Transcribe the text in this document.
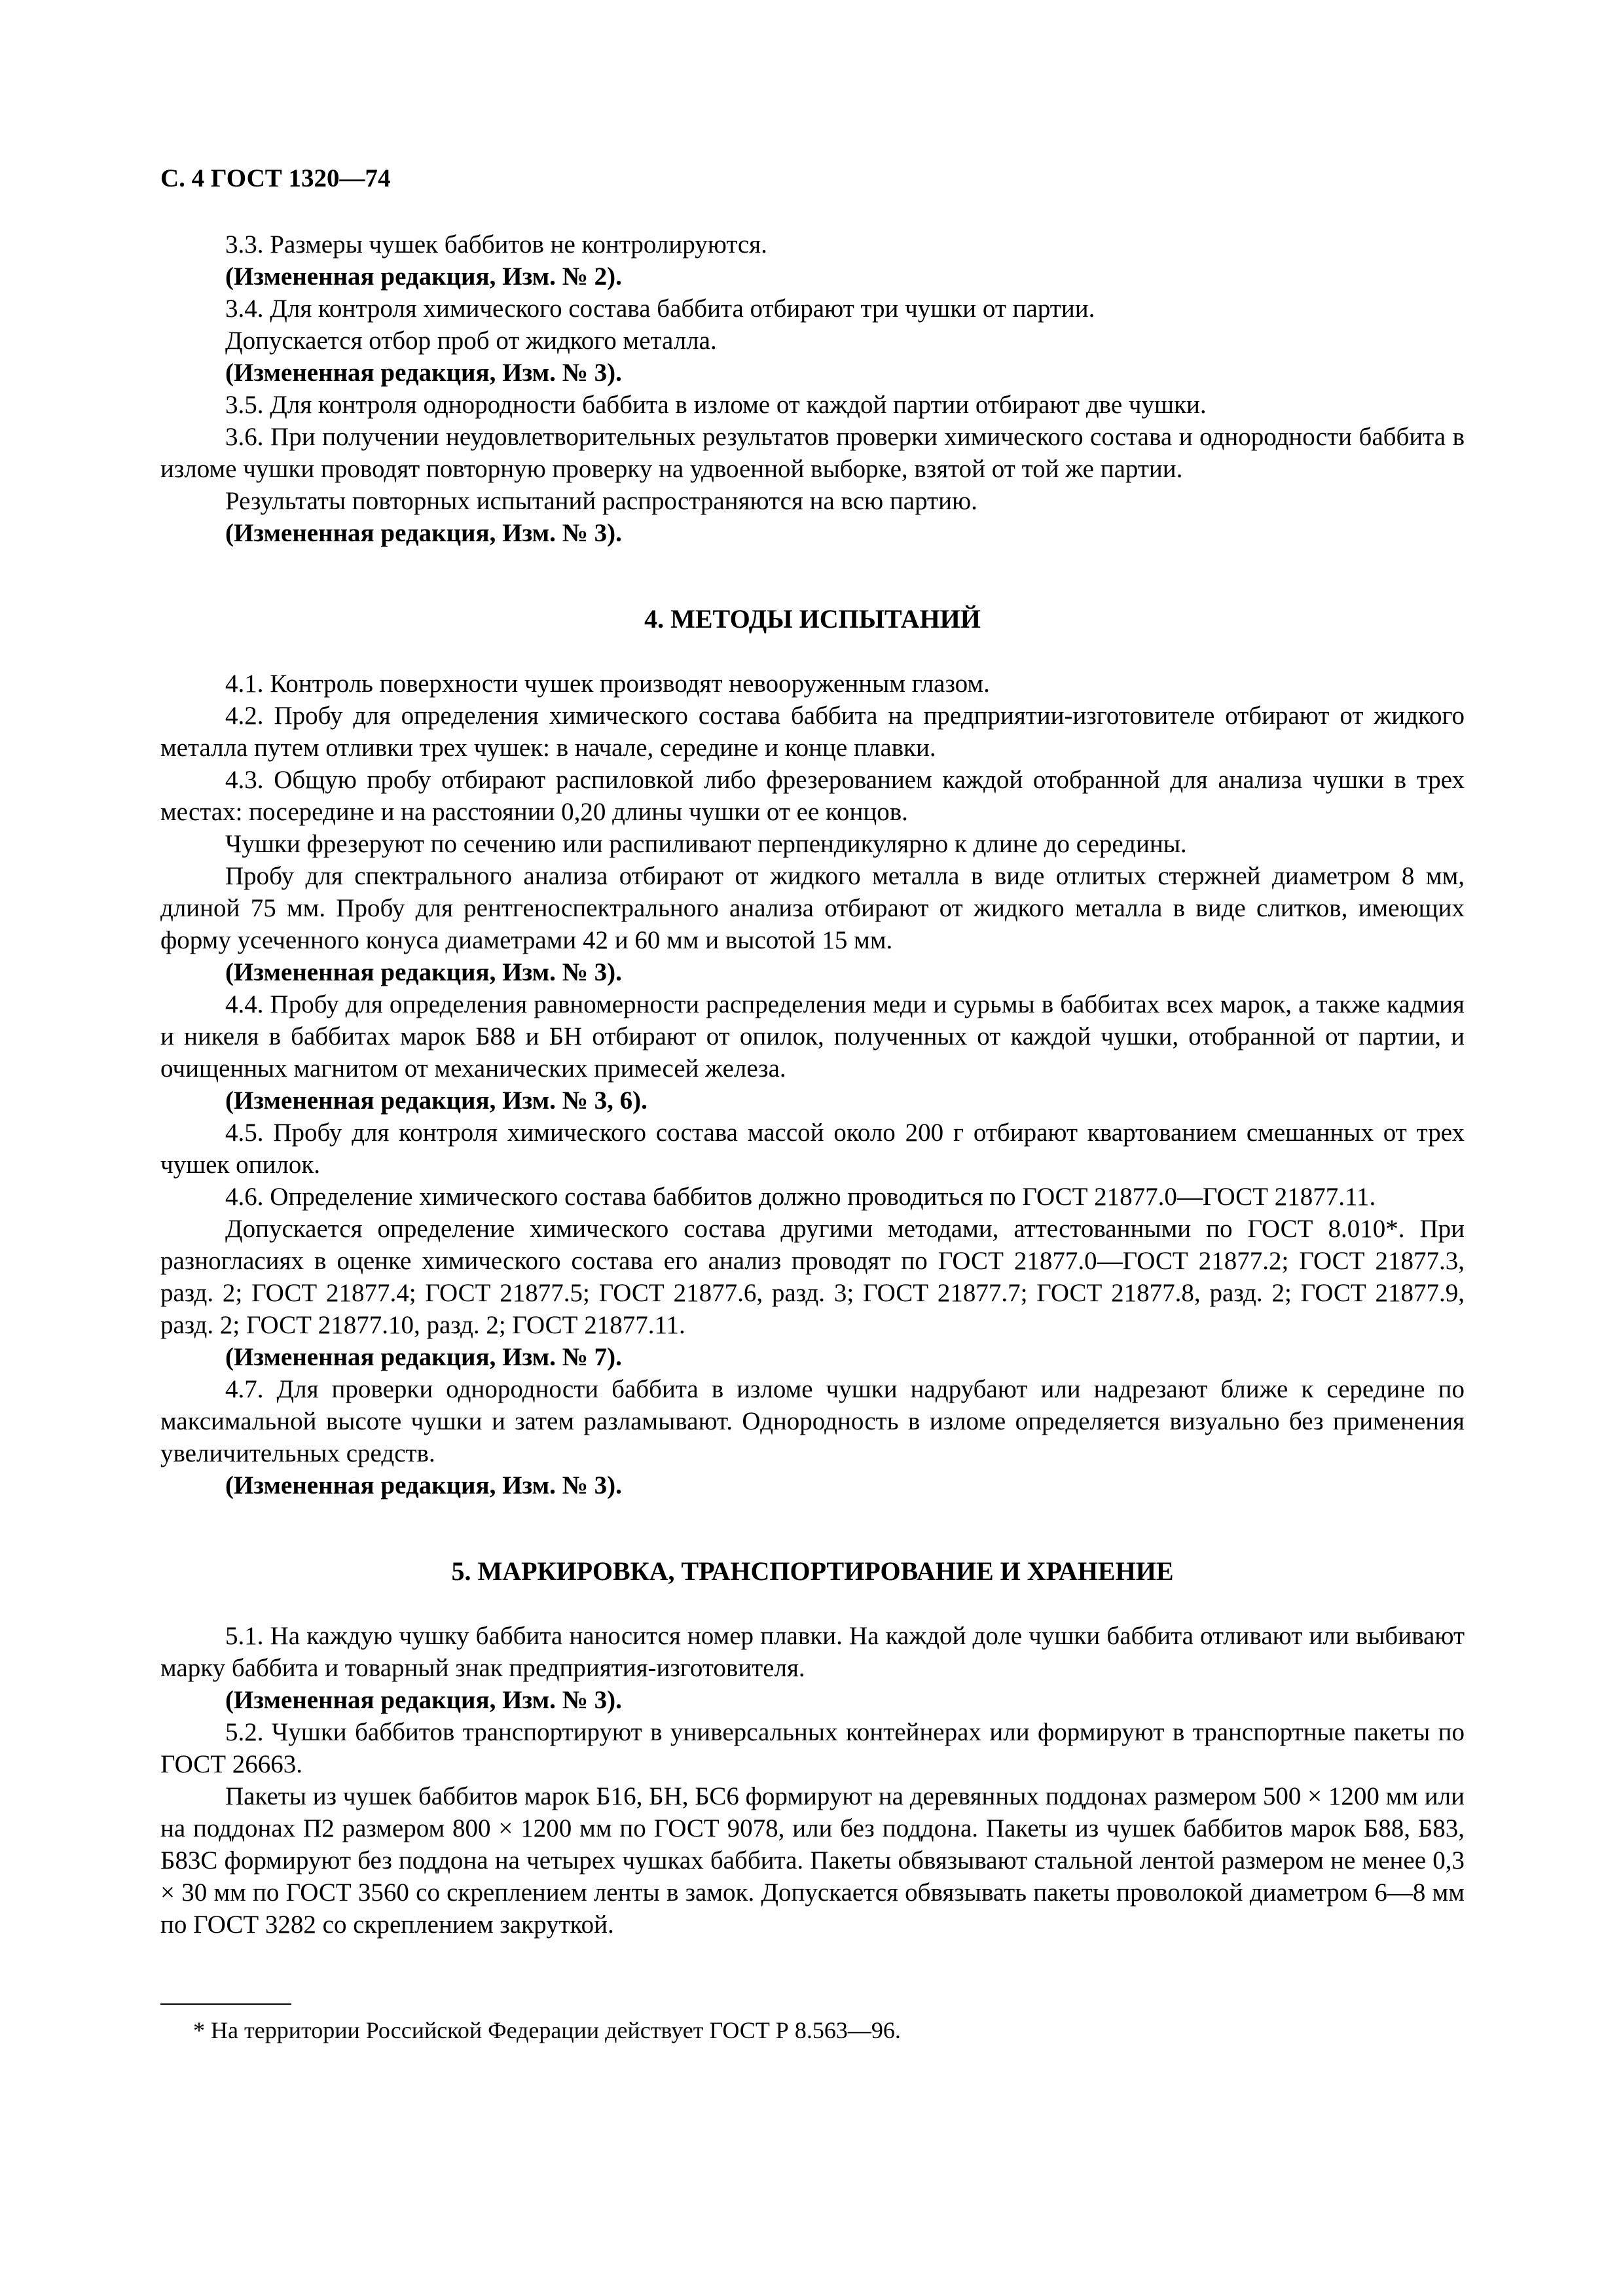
С. 4 ГОСТ 1320—74

3.3. Размеры чушек баббитов не контролируются.

(Измененная редакция, Изм. № 2).

3.4. Для контроля химического состава баббита отбирают три чушки от партии.

Допускается отбор проб от жидкого металла.

(Измененная редакция, Изм. № 3).

3.5. Для контроля однородности баббита в изломе от каждой партии отбирают две чушки.

3.6. При получении неудовлетворительных результатов проверки химического состава и однородности баббита в изломе чушки проводят повторную проверку на удвоенной выборке, взятой от той же партии.

Результаты повторных испытаний распространяются на всю партию.

(Измененная редакция, Изм. № 3).

4. МЕТОДЫ ИСПЫТАНИЙ

4.1. Контроль поверхности чушек производят невооруженным глазом.

4.2. Пробу для определения химического состава баббита на предприятии-изготовителе отбирают от жидкого металла путем отливки трех чушек: в начале, середине и конце плавки.

4.3. Общую пробу отбирают распиловкой либо фрезерованием каждой отобранной для анализа чушки в трех местах: посередине и на расстоянии 0,20 длины чушки от ее концов.

Чушки фрезеруют по сечению или распиливают перпендикулярно к длине до середины.

Пробу для спектрального анализа отбирают от жидкого металла в виде отлитых стержней диаметром 8 мм, длиной 75 мм. Пробу для рентгеноспектрального анализа отбирают от жидкого металла в виде слитков, имеющих форму усеченного конуса диаметрами 42 и 60 мм и высотой 15 мм.

(Измененная редакция, Изм. № 3).

4.4. Пробу для определения равномерности распределения меди и сурьмы в баббитах всех марок, а также кадмия и никеля в баббитах марок Б88 и БН отбирают от опилок, полученных от каждой чушки, отобранной от партии, и очищенных магнитом от механических примесей железа.

(Измененная редакция, Изм. № 3, 6).

4.5. Пробу для контроля химического состава массой около 200 г отбирают квартованием смешанных от трех чушек опилок.

4.6. Определение химического состава баббитов должно проводиться по ГОСТ 21877.0—ГОСТ 21877.11.

Допускается определение химического состава другими методами, аттестованными по ГОСТ 8.010*. При разногласиях в оценке химического состава его анализ проводят по ГОСТ 21877.0—ГОСТ 21877.2; ГОСТ 21877.3, разд. 2; ГОСТ 21877.4; ГОСТ 21877.5; ГОСТ 21877.6, разд. 3; ГОСТ 21877.7; ГОСТ 21877.8, разд. 2; ГОСТ 21877.9, разд. 2; ГОСТ 21877.10, разд. 2; ГОСТ 21877.11.

(Измененная редакция, Изм. № 7).

4.7. Для проверки однородности баббита в изломе чушки надрубают или надрезают ближе к середине по максимальной высоте чушки и затем разламывают. Однородность в изломе определяется визуально без применения увеличительных средств.

(Измененная редакция, Изм. № 3).

5. МАРКИРОВКА, ТРАНСПОРТИРОВАНИЕ И ХРАНЕНИЕ

5.1. На каждую чушку баббита наносится номер плавки. На каждой доле чушки баббита отливают или выбивают марку баббита и товарный знак предприятия-изготовителя.

(Измененная редакция, Изм. № 3).

5.2. Чушки баббитов транспортируют в универсальных контейнерах или формируют в транспортные пакеты по ГОСТ 26663.

Пакеты из чушек баббитов марок Б16, БН, БС6 формируют на деревянных поддонах размером 500 × 1200 мм или на поддонах П2 размером 800 × 1200 мм по ГОСТ 9078, или без поддона. Пакеты из чушек баббитов марок Б88, Б83, Б83С формируют без поддона на четырех чушках баббита. Пакеты обвязывают стальной лентой размером не менее 0,3 × 30 мм по ГОСТ 3560 со скреплением ленты в замок. Допускается обвязывать пакеты проволокой диаметром 6—8 мм по ГОСТ 3282 со скреплением закруткой.

* На территории Российской Федерации действует ГОСТ Р 8.563—96.
